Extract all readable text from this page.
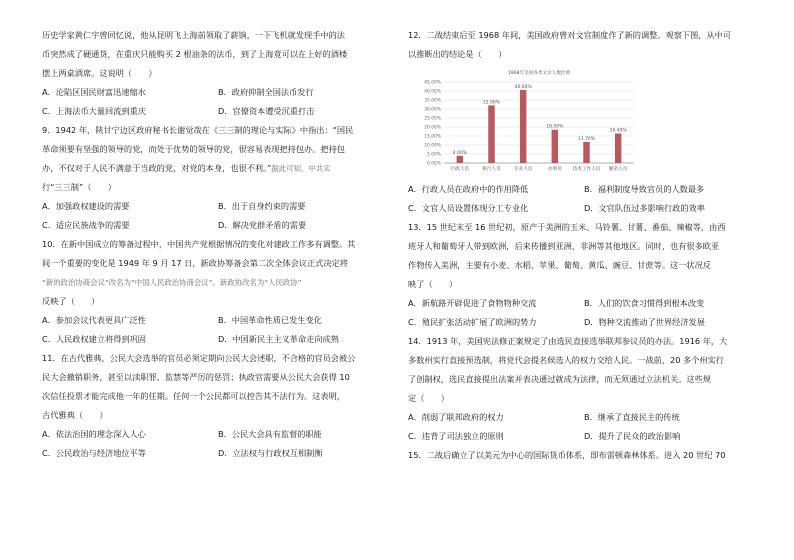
历史学家黄仁宇曾回忆说，他从昆明飞上海前领取了薪饷，一下飞机就发现手中的法

币突然成了硬通货，在重庆只能购买 2 根油条的法币，到了上海竟可以在上好的酒楼

摆上两桌酒席。这说明（　　）

A．沦陷区国民财富迅速缩水	B．政府抑制全国法币发行
C．上海法币大量回流到重庆	D．官僚资本遭受沉重打击

9．1942 年，陕甘宁边区政府秘书长谢觉哉在《三三制的理论与实际》中指出：“国民

革命须要有坚强的领导的党，而处于优势的领导的党，很容易表现把持包办。把持包

办，不仅对于人民不满意于当政的党，对党的本身，也很不利。”据此可知，中共实

行“三三制”（　　）

A．加强政权建设的需要	B．出于自身约束的需要
C．适应民族战争的需要	D．解决党群矛盾的需要

10．在新中国成立的筹备过程中，中国共产党根据情况的变化对建政工作多有调整。其

间一个重要的变化是 1949 年 9 月 17 日，新政协筹备会第二次全体会议正式决定将

“新的政治协商会议”改名为“中国人民政治协商会议”。新政协改名为“人民政协”

反映了（　　）

A．参加会议代表更具广泛性	B．中国革命性质已发生变化
C．人民政权建立将得到巩固	D．中国新民主主义革命走向成熟

11．在古代雅典，公民大会选举的官员必须定期向公民大会述职，不合格的官员会被公

民大会撤销职务，甚至以渎职罪、监禁等严厉的惩罚；执政官需要从公民大会获得 10

次信任投票才能完成他一年的任期。任何一个公民都可以控告其不法行为。这表明，

古代雅典（　　）

A．依法治国的理念深入人心	B．公民大会具有监督的职能
C．公民政治与经济地位平等	D．立法权与行政权互相制衡

12．二战结束后至 1968 年间，美国政府曾对文官制度作了新的调整。观察下图，从中可

以推断出的结论是（　　）

1968年美国各类文官人数比例
45.00%
40.00%
35.00%
30.00%
25.00%
20.00%
15.00%
10.00%
5.00%
0.00%
4.00%
行政人员
32.00%
执行人员
40.60%
专业人员
18.50%
办事员
11.70%
技术工作人员
16.40%
勤杂人员
A．行政人员在政府中的作用降低	B．福利制度导致官员的人数最多
C．文官人员设置体现分工专业化	D．文官队伍过多影响行政的效率

13．15 世纪末至 16 世纪初，原产于美洲的玉米、马铃薯、甘薯、番茄、辣椒等，由西

班牙人和葡萄牙人带到欧洲，后来传播到亚洲、非洲等其他地区。同时，也有很多欧亚

作物传入美洲，主要有小麦、水稻、苹果、葡萄、黄瓜、豌豆、甘蔗等。这一状况反

映了（　　）

A．新航路开辟促进了食物物种交流	B．人们的饮食习惯得到根本改变
C．殖民扩张活动扩展了欧洲的势力	D．物种交流推动了世界经济发展

14．1913 年，美国宪法修正案规定了由选民直接选举联邦参议员的办法。1916 年，大

多数州实行直接预选制，将党代会提名候选人的权力交给人民。一战前，20 多个州实行

了创制权，选民直接提出法案并表决通过就成为法律，而无须通过立法机关。这些规

定（　　）

A．削弱了联邦政府的权力	B．继承了直接民主的传统
C．违背了司法独立的原则	D．提升了民众的政治影响

15．二战后确立了以美元为中心的国际货币体系，即布雷顿森林体系。进入 20 世纪 70
